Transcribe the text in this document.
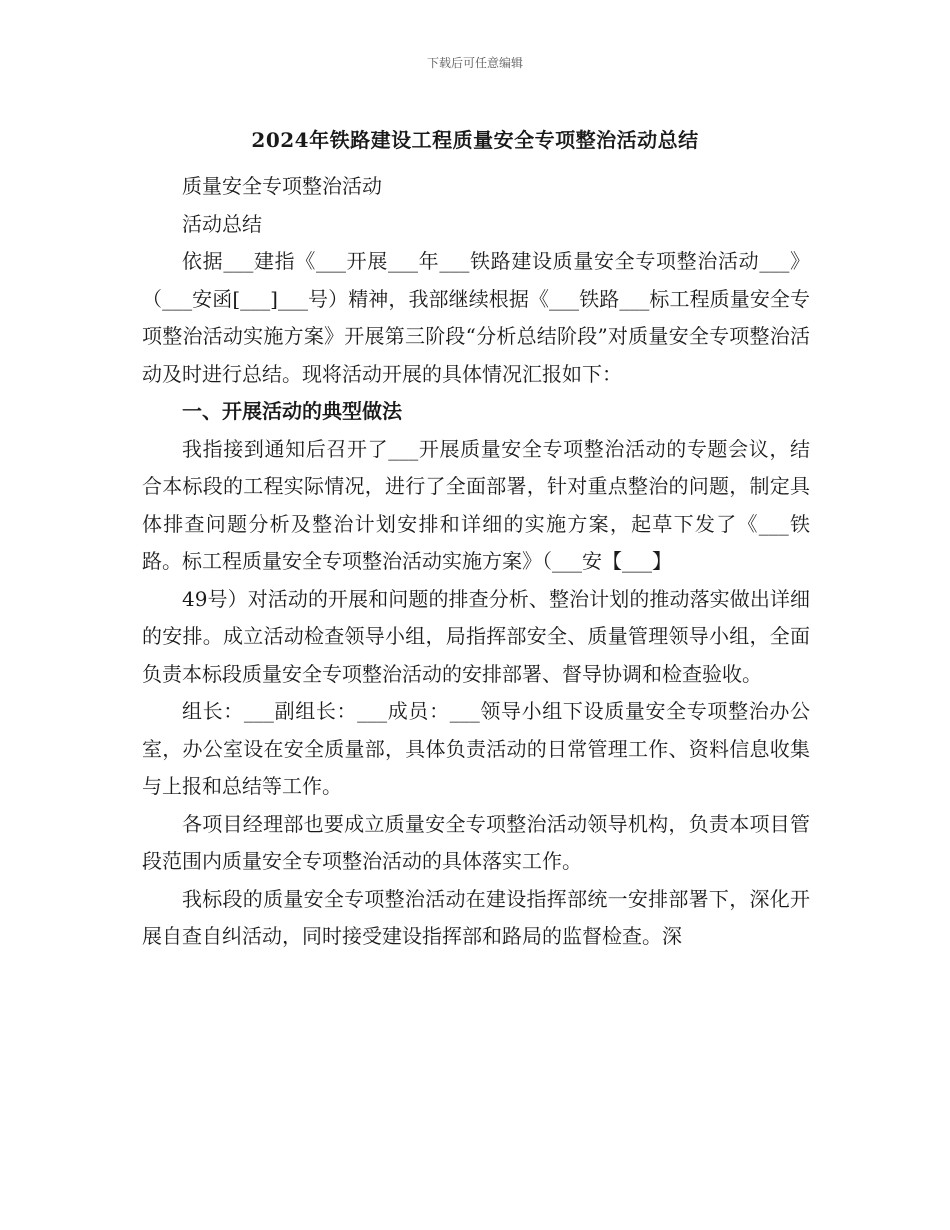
下载后可任意编辑
2024年铁路建设工程质量安全专项整治活动总结

质量安全专项整治活动

活动总结

依据___建指《___开展___年___铁路建设质量安全专项整治活动___》（___安函[___]___号）精神，我部继续根据《___铁路___标工程质量安全专项整治活动实施方案》开展第三阶段“分析总结阶段”对质量安全专项整治活动及时进行总结。现将活动开展的具体情况汇报如下：

一、开展活动的典型做法

我指接到通知后召开了___开展质量安全专项整治活动的专题会议，结合本标段的工程实际情况，进行了全面部署，针对重点整治的问题，制定具体排查问题分析及整治计划安排和详细的实施方案，起草下发了《___铁路。标工程质量安全专项整治活动实施方案》（___安【___】

49号）对活动的开展和问题的排查分析、整治计划的推动落实做出详细的安排。成立活动检查领导小组，局指挥部安全、质量管理领导小组，全面负责本标段质量安全专项整治活动的安排部署、督导协调和检查验收。

组长：___副组长：___成员：___领导小组下设质量安全专项整治办公室，办公室设在安全质量部，具体负责活动的日常管理工作、资料信息收集与上报和总结等工作。

各项目经理部也要成立质量安全专项整治活动领导机构，负责本项目管段范围内质量安全专项整治活动的具体落实工作。

我标段的质量安全专项整治活动在建设指挥部统一安排部署下，深化开展自查自纠活动，同时接受建设指挥部和路局的监督检查。深
